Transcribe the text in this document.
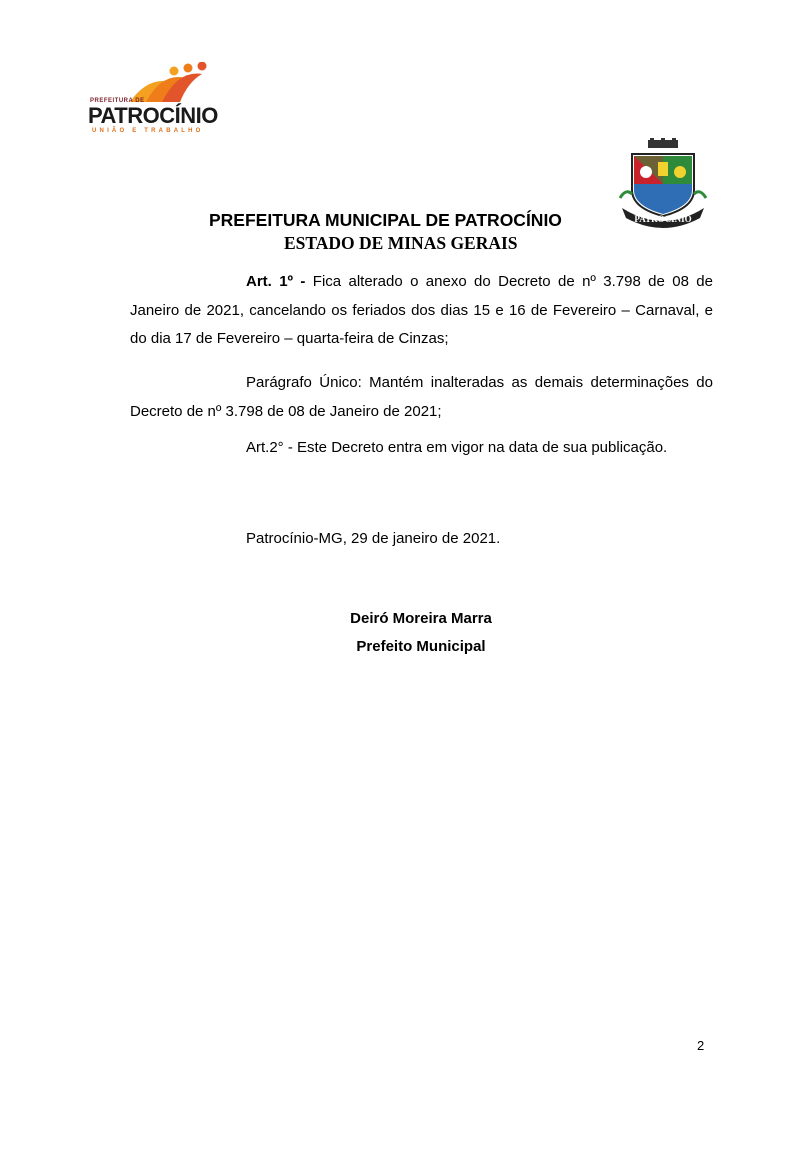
PREFEITURA DE
PATROCÍNIO
UNIÃO E TRABALHO
PATROCÍNIO
PREFEITURA MUNICIPAL DE PATROCÍNIO
ESTADO DE MINAS GERAIS

Art. 1º - Fica alterado o anexo do Decreto de nº 3.798 de 08 de Janeiro de 2021, cancelando os feriados dos dias 15 e 16 de Fevereiro – Carnaval, e do dia 17 de Fevereiro – quarta-feira de Cinzas;

Parágrafo Único: Mantém inalteradas as demais determinações do Decreto de nº 3.798 de 08 de Janeiro de 2021;

Art.2° - Este Decreto entra em vigor na data de sua publicação.

Patrocínio-MG, 29 de janeiro de 2021.
Deiró Moreira Marra
Prefeito Municipal
2
